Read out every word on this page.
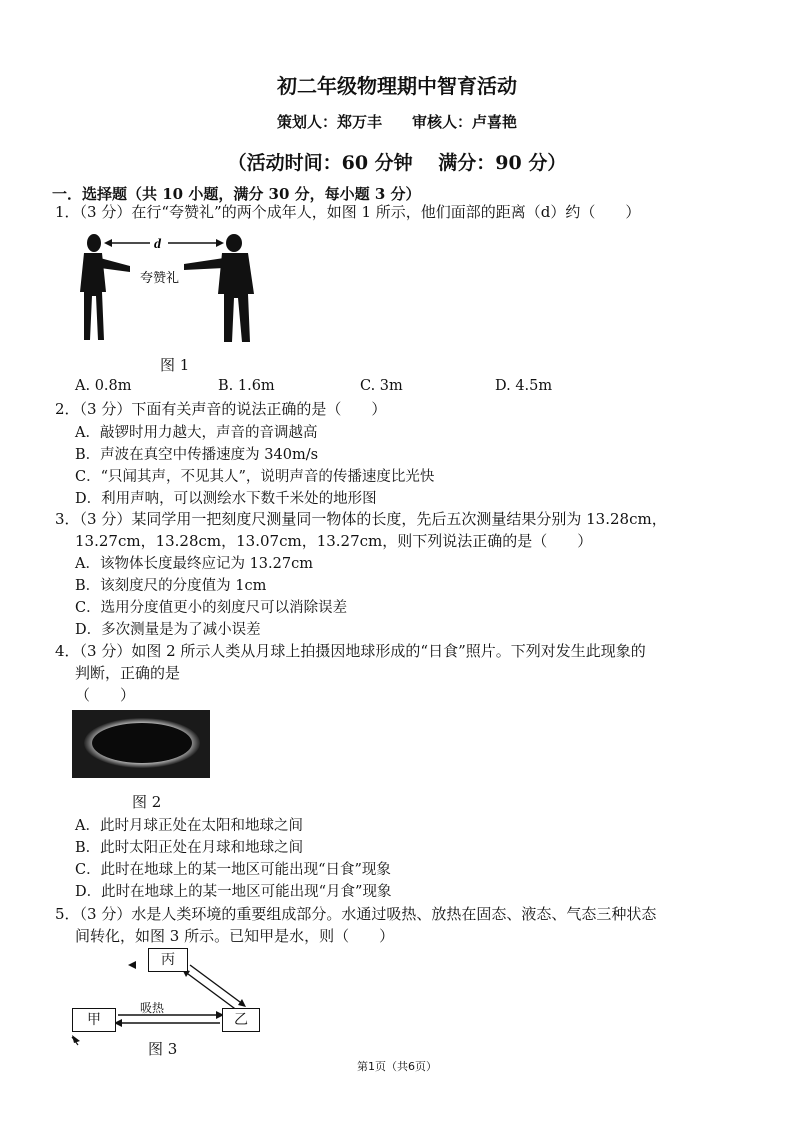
初二年级物理期中智育活动
策划人：郑万丰　　审核人：卢喜艳
（活动时间：60 分钟　 满分：90 分）
一．选择题（共 10 小题，满分 30 分，每小题 3 分）
1．（3 分）在行“夸赞礼”的两个成年人，如图 1 所示，他们面部的距离（d）约（　　）
d
夸赞礼
图 1
A. 0.8m	B. 1.6m	C. 3m	D. 4.5m
2．（3 分）下面有关声音的说法正确的是（　　）
A．敲锣时用力越大，声音的音调越高
B．声波在真空中传播速度为 340m/s
C．“只闻其声，不见其人”，说明声音的传播速度比光快
D．利用声呐，可以测绘水下数千米处的地形图
3．（3 分）某同学用一把刻度尺测量同一物体的长度，先后五次测量结果分别为 13.28cm，
13.27cm，13.28cm，13.07cm，13.27cm，则下列说法正确的是（　　）
A．该物体长度最终应记为 13.27cm
B．该刻度尺的分度值为 1cm
C．选用分度值更小的刻度尺可以消除误差
D．多次测量是为了减小误差
4．（3 分）如图 2 所示人类从月球上拍摄因地球形成的“日食”照片。下列对发生此现象的
判断，正确的是
（　　）
图 2
A．此时月球正处在太阳和地球之间
B．此时太阳正处在月球和地球之间
C．此时在地球上的某一地区可能出现“日食”现象
D．此时在地球上的某一地区可能出现“月食”现象
5．（3 分）水是人类环境的重要组成部分。水通过吸热、放热在固态、液态、气态三种状态
间转化，如图 3 所示。已知甲是水，则（　　）
丙
甲	乙
吸热
图 3
第1页（共6页）
